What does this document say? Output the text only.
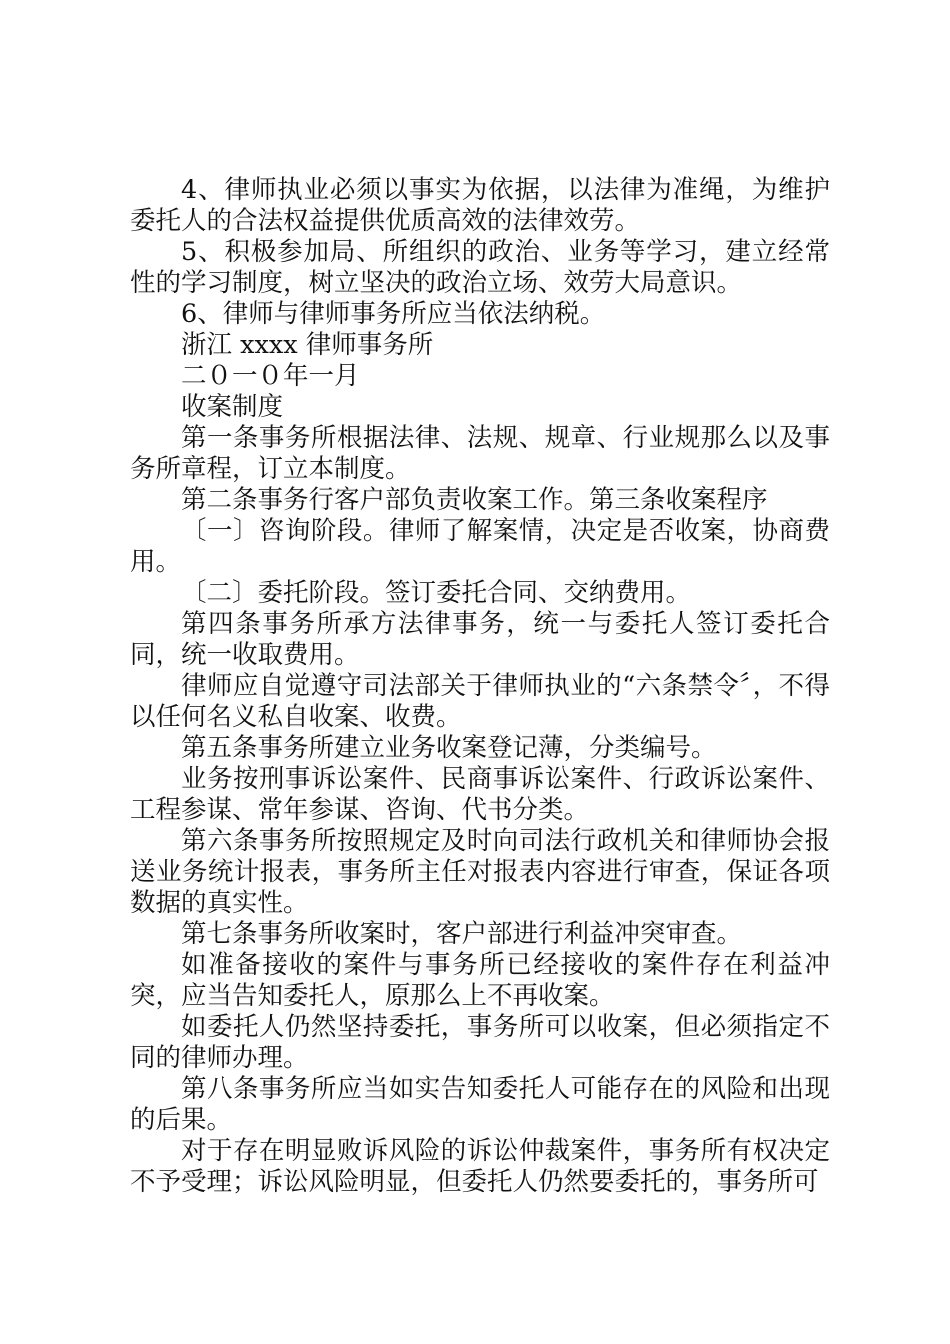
4、律师执业必须以事实为依据，以法律为准绳，为维护委托人的合法权益提供优质高效的法律效劳。

5、积极参加局、所组织的政治、业务等学习，建立经常性的学习制度，树立坚决的政治立场、效劳大局意识。

6、律师与律师事务所应当依法纳税。

浙江 xxxx 律师事务所

二０一０年一月

收案制度

第一条事务所根据法律、法规、规章、行业规那么以及事务所章程，订立本制度。

第二条事务行客户部负责收案工作。第三条收案程序

〔一〕咨询阶段。律师了解案情，决定是否收案，协商费用。

〔二〕委托阶段。签订委托合同、交纳费用。

第四条事务所承方法律事务，统一与委托人签订委托合同，统一收取费用。

律师应自觉遵守司法部关于律师执业的“六条禁令〞，不得以任何名义私自收案、收费。

第五条事务所建立业务收案登记薄，分类编号。

业务按刑事诉讼案件、民商事诉讼案件、行政诉讼案件、工程参谋、常年参谋、咨询、代书分类。

第六条事务所按照规定及时向司法行政机关和律师协会报送业务统计报表，事务所主任对报表内容进行审查，保证各项数据的真实性。

第七条事务所收案时，客户部进行利益冲突审查。

如准备接收的案件与事务所已经接收的案件存在利益冲突，应当告知委托人，原那么上不再收案。

如委托人仍然坚持委托，事务所可以收案，但必须指定不同的律师办理。

第八条事务所应当如实告知委托人可能存在的风险和出现的后果。

对于存在明显败诉风险的诉讼仲裁案件，事务所有权决定不予受理；诉讼风险明显，但委托人仍然要委托的，事务所可
